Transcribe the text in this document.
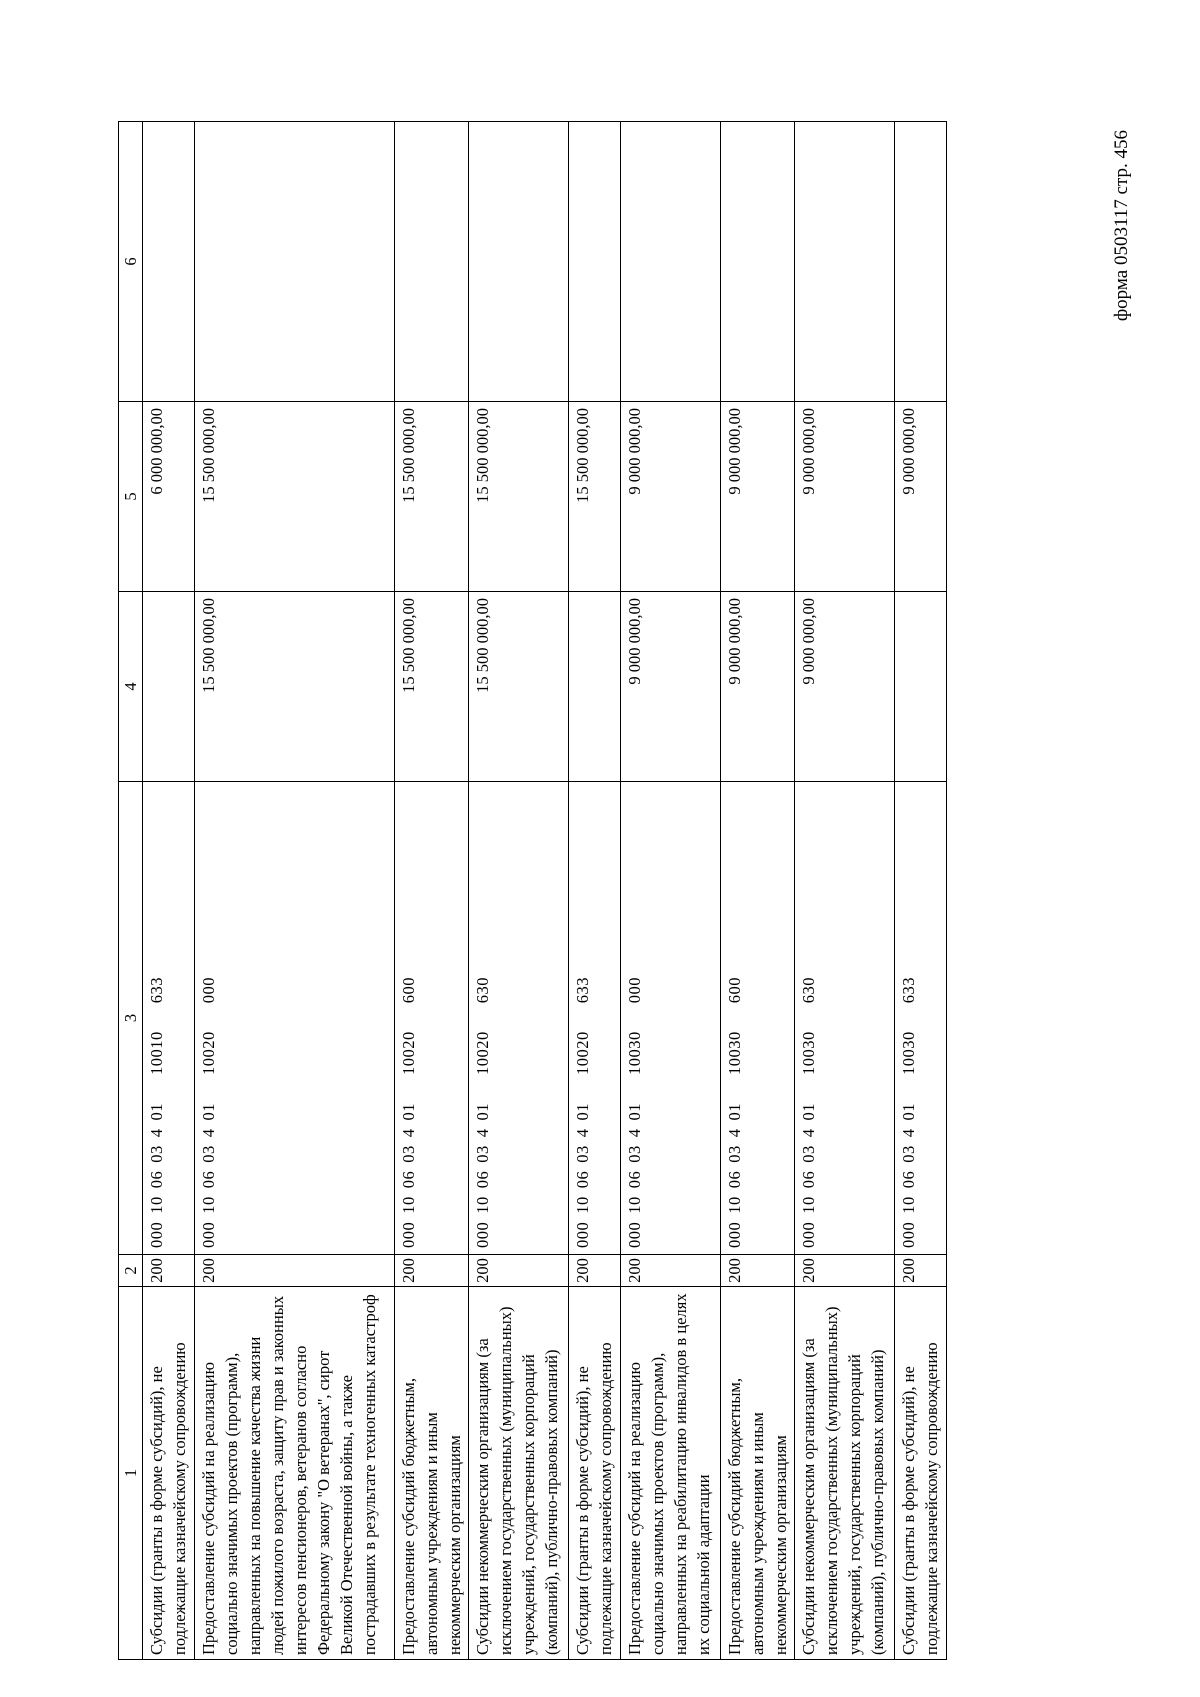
форма 0503117 стр. 456
1	2	3	4	5	6
Субсидии (гранты в форме субсидий), не подлежащие казначейскому сопровождению	200	00010060340110010633		6 000 000,00	
Предоставление субсидий на реализацию социально значимых проектов (программ), направленных на повышение качества жизни людей пожилого возраста, защиту прав и законных интересов пенсионеров, ветеранов согласно Федеральному закону "О ветеранах", сирот Великой Отечественной войны, а также пострадавших в результате техногенных катастроф	200	00010060340110020000	15 500 000,00	15 500 000,00	
Предоставление субсидий бюджетным, автономным учреждениям и иным некоммерческим организациям	200	00010060340110020600	15 500 000,00	15 500 000,00	
Субсидии некоммерческим организациям (за исключением государственных (муниципальных) учреждений, государственных корпораций (компаний), публично-правовых компаний)	200	00010060340110020630	15 500 000,00	15 500 000,00	
Субсидии (гранты в форме субсидий), не подлежащие казначейскому сопровождению	200	00010060340110020633		15 500 000,00	
Предоставление субсидий на реализацию социально значимых проектов (программ), направленных на реабилитацию инвалидов в целях их социальной адаптации	200	00010060340110030000	9 000 000,00	9 000 000,00	
Предоставление субсидий бюджетным, автономным учреждениям и иным некоммерческим организациям	200	00010060340110030600	9 000 000,00	9 000 000,00	
Субсидии некоммерческим организациям (за исключением государственных (муниципальных) учреждений, государственных корпораций (компаний), публично-правовых компаний)	200	00010060340110030630	9 000 000,00	9 000 000,00	
Субсидии (гранты в форме субсидий), не подлежащие казначейскому сопровождению	200	00010060340110030633		9 000 000,00	
